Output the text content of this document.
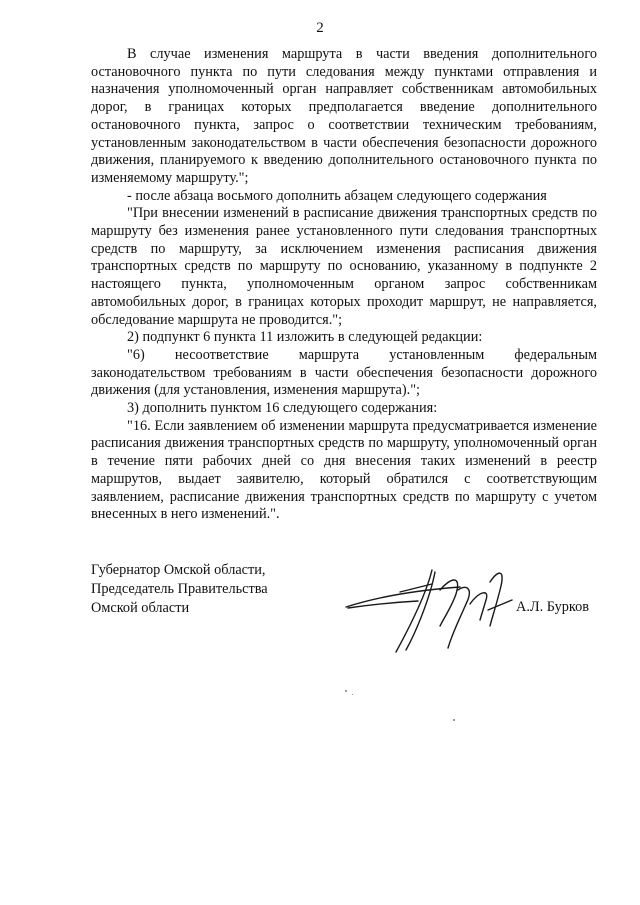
2

В случае изменения маршрута в части введения дополнительного остановочного пункта по пути следования между пунктами отправления и назначения уполномоченный орган направляет собственникам автомобильных дорог, в границах которых предполагается введение дополнительного остановочного пункта, запрос о соответствии техническим требованиям, установленным законодательством в части обеспечения безопасности дорожного движения, планируемого к введению дополнительного остановочного пункта по изменяемому маршруту.";

- после абзаца восьмого дополнить абзацем следующего содержания

"При внесении изменений в расписание движения транспортных средств по маршруту без изменения ранее установленного пути следования транспортных средств по маршруту, за исключением изменения расписания движения транспортных средств по маршруту по основанию, указанному в подпункте 2 настоящего пункта, уполномоченным органом запрос собственникам автомобильных дорог, в границах которых проходит маршрут, не направляется, обследование маршрута не проводится.";

2) подпункт 6 пункта 11 изложить в следующей редакции:

"6) несоответствие маршрута установленным федеральным законодательством требованиям в части обеспечения безопасности дорожного движения (для установления, изменения маршрута).";

3) дополнить пунктом 16 следующего содержания:

"16. Если заявлением об изменении маршрута предусматривается изменение расписания движения транспортных средств по маршруту, уполномоченный орган в течение пяти рабочих дней со дня внесения таких изменений в реестр маршрутов, выдает заявителю, который обратился с соответствующим заявлением, расписание движения транспортных средств по маршруту с учетом внесенных в него изменений.".

Губернатор Омской области,
Председатель Правительства
Омской области	А.Л. Бурков
